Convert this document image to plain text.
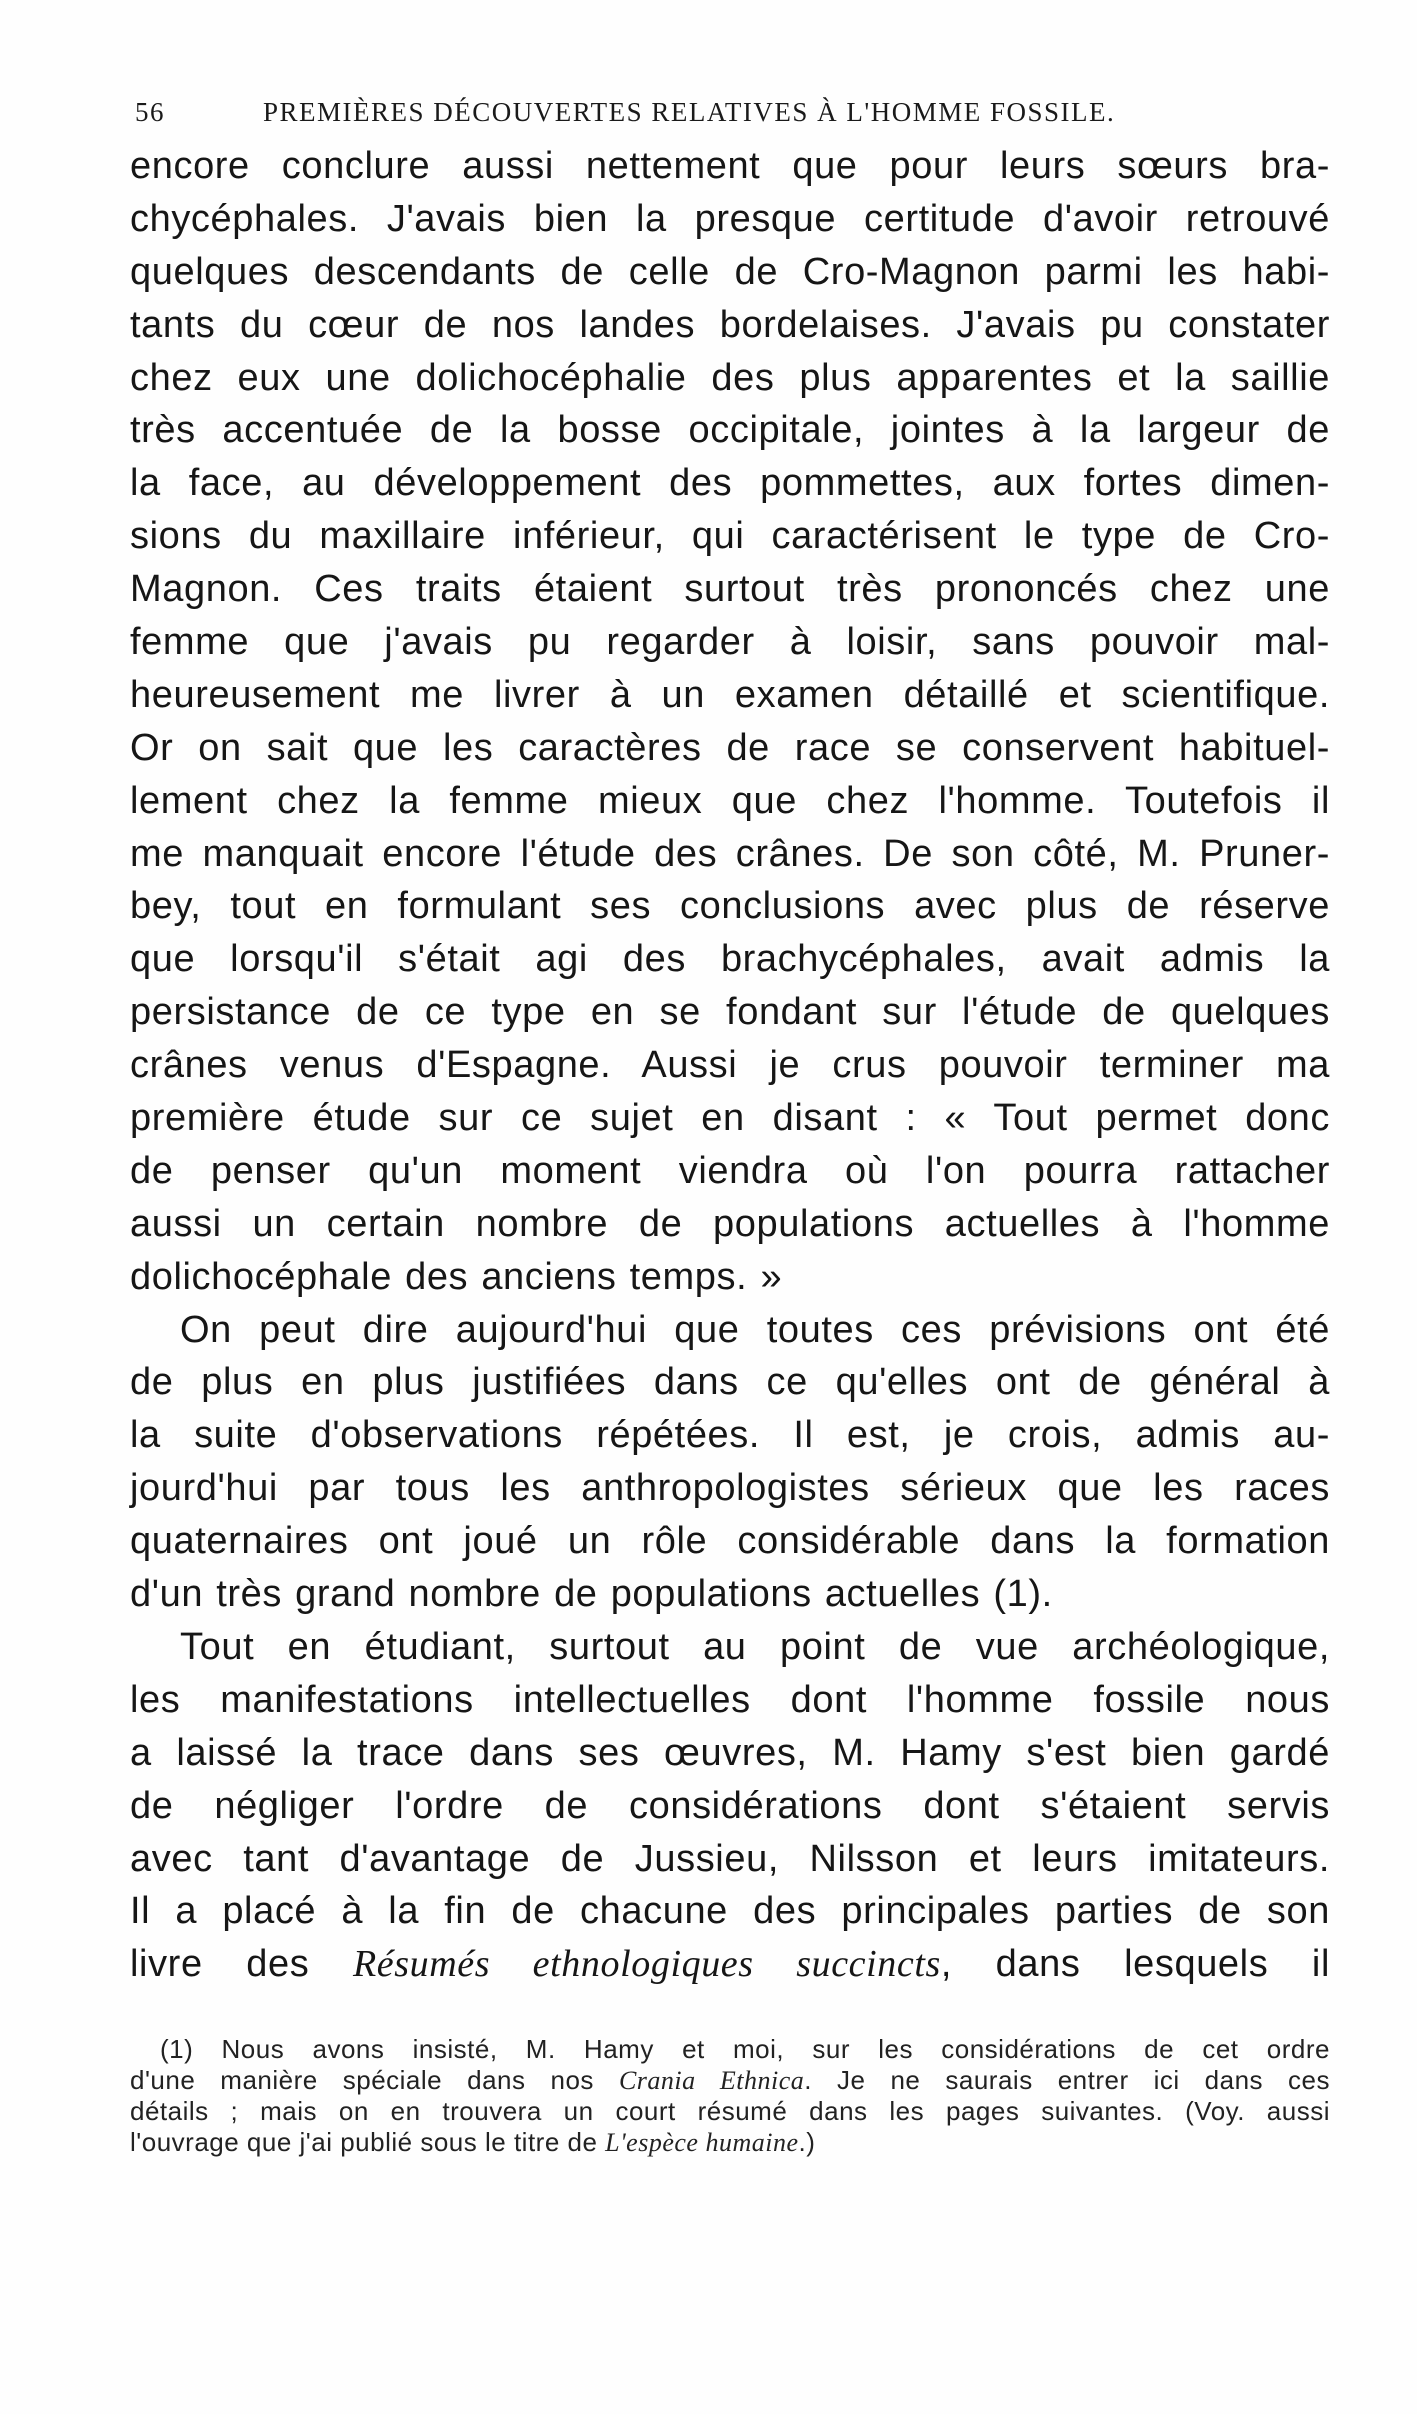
56	PREMIÈRES DÉCOUVERTES RELATIVES À L'HOMME FOSSILE.
encore conclure aussi nettement que pour leurs sœurs bra-
chycéphales. J'avais bien la presque certitude d'avoir retrouvé
quelques descendants de celle de Cro-Magnon parmi les habi-
tants du cœur de nos landes bordelaises. J'avais pu constater
chez eux une dolichocéphalie des plus apparentes et la saillie
très accentuée de la bosse occipitale, jointes à la largeur de
la face, au développement des pommettes, aux fortes dimen-
sions du maxillaire inférieur, qui caractérisent le type de Cro-
Magnon. Ces traits étaient surtout très prononcés chez une
femme que j'avais pu regarder à loisir, sans pouvoir mal-
heureusement me livrer à un examen détaillé et scientifique.
Or on sait que les caractères de race se conservent habituel-
lement chez la femme mieux que chez l'homme. Toutefois il
me manquait encore l'étude des crânes. De son côté, M. Pruner-
bey, tout en formulant ses conclusions avec plus de réserve
que lorsqu'il s'était agi des brachycéphales, avait admis la
persistance de ce type en se fondant sur l'étude de quelques
crânes venus d'Espagne. Aussi je crus pouvoir terminer ma
première étude sur ce sujet en disant : « Tout permet donc
de penser qu'un moment viendra où l'on pourra rattacher
aussi un certain nombre de populations actuelles à l'homme
dolichocéphale des anciens temps. »
On peut dire aujourd'hui que toutes ces prévisions ont été
de plus en plus justifiées dans ce qu'elles ont de général à
la suite d'observations répétées. Il est, je crois, admis au-
jourd'hui par tous les anthropologistes sérieux que les races
quaternaires ont joué un rôle considérable dans la formation
d'un très grand nombre de populations actuelles (1).
Tout en étudiant, surtout au point de vue archéologique,
les manifestations intellectuelles dont l'homme fossile nous
a laissé la trace dans ses œuvres, M. Hamy s'est bien gardé
de négliger l'ordre de considérations dont s'étaient servis
avec tant d'avantage de Jussieu, Nilsson et leurs imitateurs.
Il a placé à la fin de chacune des principales parties de son
livre des Résumés ethnologiques succincts, dans lesquels il
(1) Nous avons insisté, M. Hamy et moi, sur les considérations de cet ordre
d'une manière spéciale dans nos Crania Ethnica. Je ne saurais entrer ici dans ces
détails ; mais on en trouvera un court résumé dans les pages suivantes. (Voy. aussi
l'ouvrage que j'ai publié sous le titre de L'espèce humaine.)
